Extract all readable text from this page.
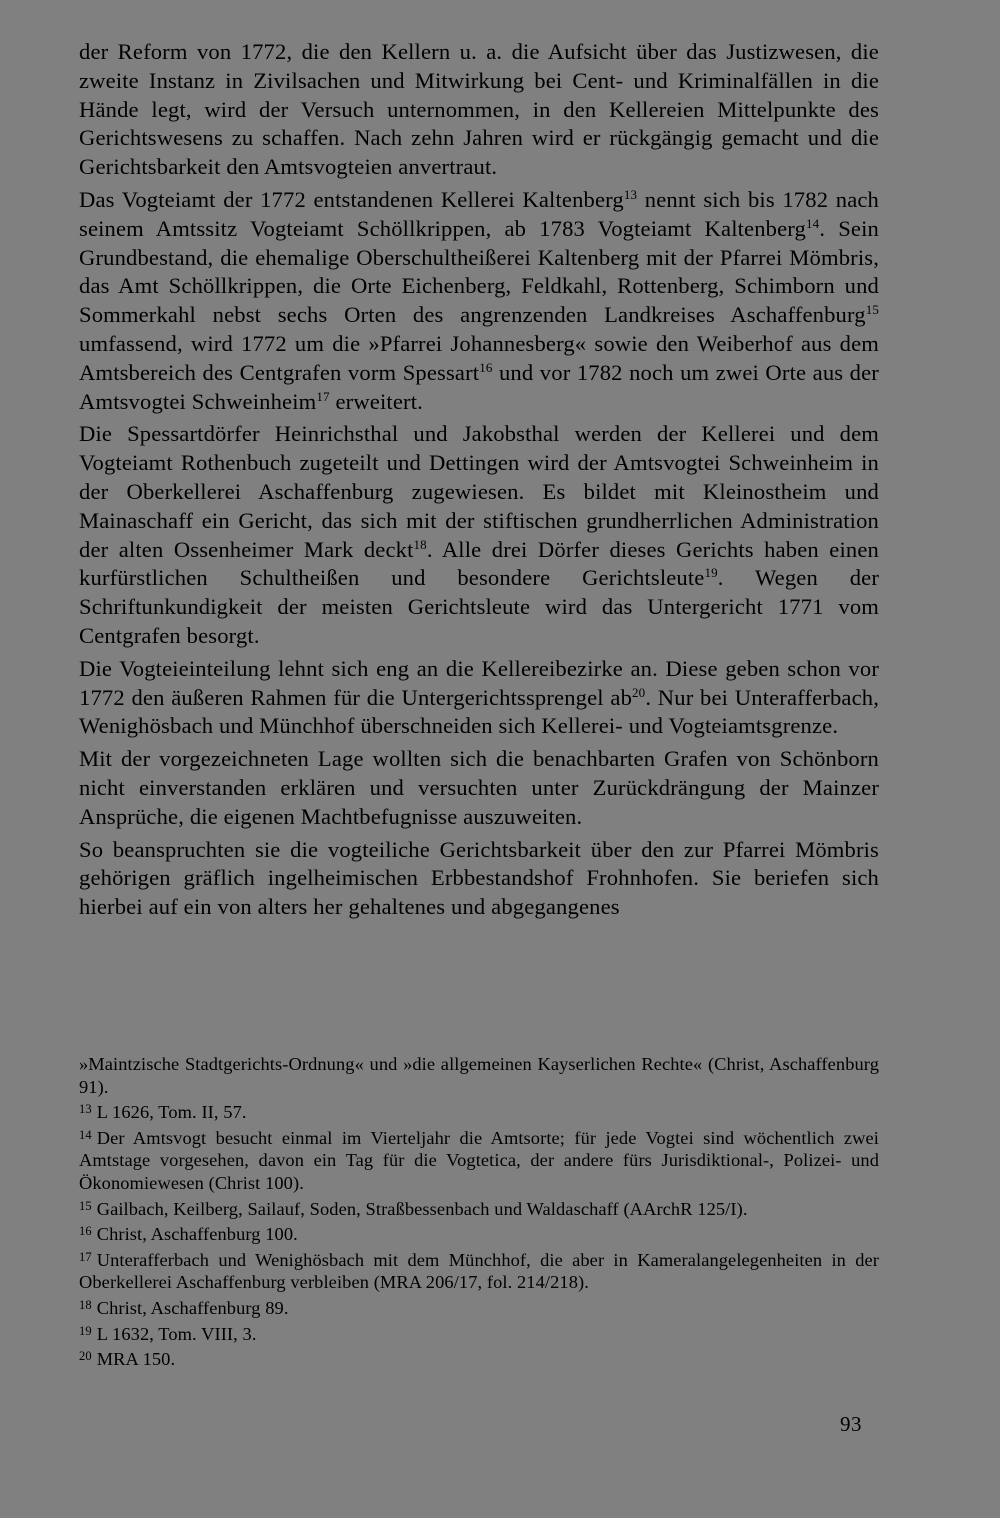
der Reform von 1772, die den Kellern u. a. die Aufsicht über das Justizwesen, die zweite Instanz in Zivilsachen und Mitwirkung bei Cent- und Kriminalfällen in die Hände legt, wird der Versuch unternommen, in den Kellereien Mittelpunkte des Gerichtswesens zu schaffen. Nach zehn Jahren wird er rückgängig gemacht und die Gerichtsbarkeit den Amtsvogteien anvertraut.

Das Vogteiamt der 1772 entstandenen Kellerei Kaltenberg$^{13}$ nennt sich bis 1782 nach seinem Amtssitz Vogteiamt Schöllkrippen, ab 1783 Vogteiamt Kaltenberg$^{14}$. Sein Grundbestand, die ehemalige Oberschultheißerei Kaltenberg mit der Pfarrei Mömbris, das Amt Schöllkrippen, die Orte Eichenberg, Feldkahl, Rottenberg, Schimborn und Sommerkahl nebst sechs Orten des angrenzenden Landkreises Aschaffenburg$^{15}$ umfassend, wird 1772 um die »Pfarrei Johannesberg« sowie den Weiberhof aus dem Amtsbereich des Centgrafen vorm Spessart$^{16}$ und vor 1782 noch um zwei Orte aus der Amtsvogtei Schweinheim$^{17}$ erweitert.

Die Spessartdörfer Heinrichsthal und Jakobsthal werden der Kellerei und dem Vogteiamt Rothenbuch zugeteilt und Dettingen wird der Amtsvogtei Schweinheim in der Oberkellerei Aschaffenburg zugewiesen. Es bildet mit Kleinostheim und Mainaschaff ein Gericht, das sich mit der stiftischen grundherrlichen Administration der alten Ossenheimer Mark deckt$^{18}$. Alle drei Dörfer dieses Gerichts haben einen kurfürstlichen Schultheißen und besondere Gerichtsleute$^{19}$. Wegen der Schriftunkundigkeit der meisten Gerichtsleute wird das Untergericht 1771 vom Centgrafen besorgt.

Die Vogteieinteilung lehnt sich eng an die Kellereibezirke an. Diese geben schon vor 1772 den äußeren Rahmen für die Untergerichtssprengel $ab^{20}$. Nur bei Unterafferbach, Wenighösbach und Münchhof überschneiden sich Kellerei- und Vogteiamtsgrenze.

Mit der vorgezeichneten Lage wollten sich die benachbarten Grafen von Schönborn nicht einverstanden erklären und versuchten unter Zurückdrängung der Mainzer Ansprüche, die eigenen Machtbefugnisse auszuweiten.

So beanspruchten sie die vogteiliche Gerichtsbarkeit über den zur Pfarrei Mömbris gehörigen gräflich ingelheimischen Erbbestandshof Frohnhofen. Sie beriefen sich hierbei auf ein von alters her gehaltenes und abgegangenes

»Maintzische Stadtgerichts-Ordnung« und »die allgemeinen Kayserlichen Rechte« (Christ, Aschaffenburg 91).

$^{13}$ L 1626, Tom. II, 57.

$^{14}$ Der Amtsvogt besucht einmal im Vierteljahr die Amtsorte; für jede Vogtei sind wöchentlich zwei Amtstage vorgesehen, davon ein Tag für die Vogtetica, der andere fürs Jurisdiktional-, Polizei- und Ökonomiewesen (Christ 100).

$^{15}$ Gailbach, Keilberg, Sailauf, Soden, Straßbessenbach und Waldaschaff (AArchR 125/I).

$^{16}$ Christ, Aschaffenburg 100.

$^{17}$ Unterafferbach und Wenighösbach mit dem Münchhof, die aber in Kameralangelegenheiten in der Oberkellerei Aschaffenburg verbleiben (MRA 206/17, fol. 214/218).

$^{18}$ Christ, Aschaffenburg 89.

$^{19}$ L 1632, Tom. VIII, 3.

$^{20}$ MRA 150.

93
